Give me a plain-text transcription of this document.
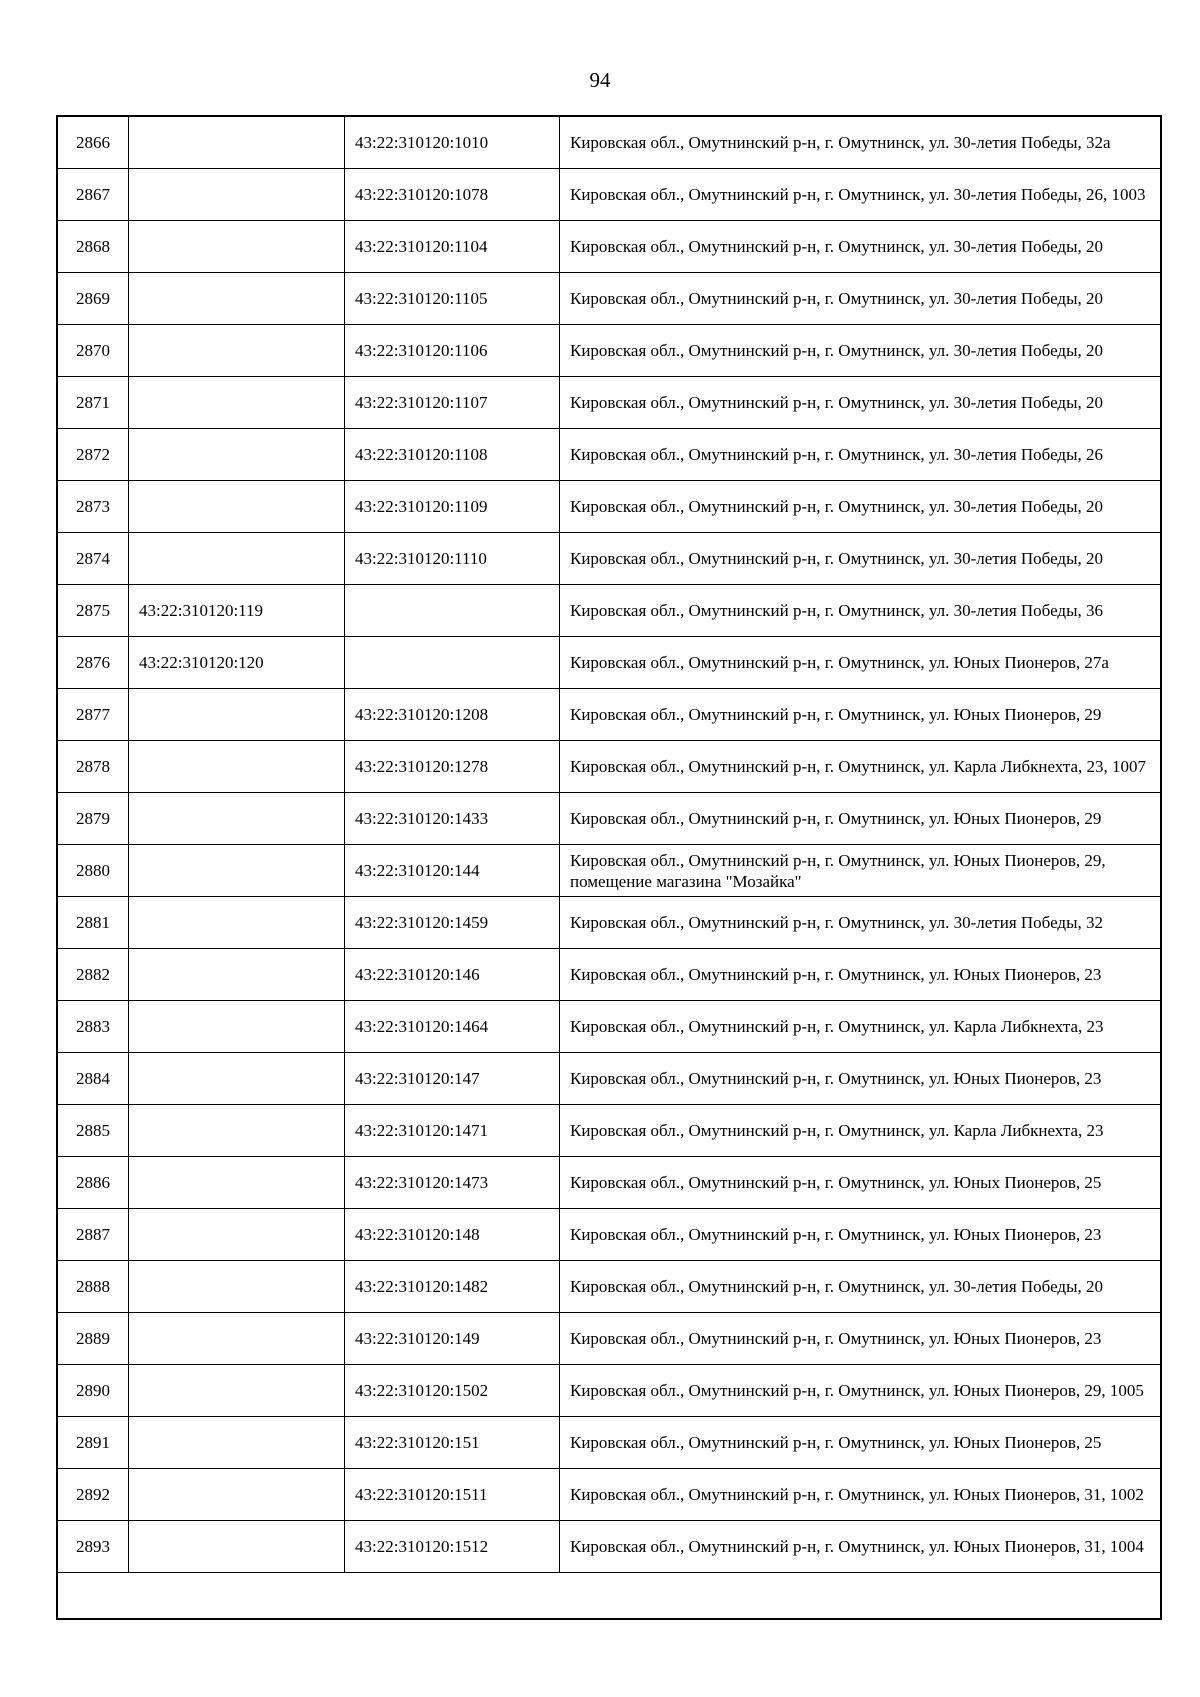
94
2866		43:22:310120:1010	Кировская обл., Омутнинский р-н, г. Омутнинск, ул. 30-летия Победы, 32а
2867		43:22:310120:1078	Кировская обл., Омутнинский р-н, г. Омутнинск, ул. 30-летия Победы, 26, 1003
2868		43:22:310120:1104	Кировская обл., Омутнинский р-н, г. Омутнинск, ул. 30-летия Победы, 20
2869		43:22:310120:1105	Кировская обл., Омутнинский р-н, г. Омутнинск, ул. 30-летия Победы, 20
2870		43:22:310120:1106	Кировская обл., Омутнинский р-н, г. Омутнинск, ул. 30-летия Победы, 20
2871		43:22:310120:1107	Кировская обл., Омутнинский р-н, г. Омутнинск, ул. 30-летия Победы, 20
2872		43:22:310120:1108	Кировская обл., Омутнинский р-н, г. Омутнинск, ул. 30-летия Победы, 26
2873		43:22:310120:1109	Кировская обл., Омутнинский р-н, г. Омутнинск, ул. 30-летия Победы, 20
2874		43:22:310120:1110	Кировская обл., Омутнинский р-н, г. Омутнинск, ул. 30-летия Победы, 20
2875	43:22:310120:119		Кировская обл., Омутнинский р-н, г. Омутнинск, ул. 30-летия Победы, 36
2876	43:22:310120:120		Кировская обл., Омутнинский р-н, г. Омутнинск, ул. Юных Пионеров, 27а
2877		43:22:310120:1208	Кировская обл., Омутнинский р-н, г. Омутнинск, ул. Юных Пионеров, 29
2878		43:22:310120:1278	Кировская обл., Омутнинский р-н, г. Омутнинск, ул. Карла Либкнехта, 23, 1007
2879		43:22:310120:1433	Кировская обл., Омутнинский р-н, г. Омутнинск, ул. Юных Пионеров, 29
2880		43:22:310120:144	Кировская обл., Омутнинский р-н, г. Омутнинск, ул. Юных Пионеров, 29, помещение магазина "Мозайка"
2881		43:22:310120:1459	Кировская обл., Омутнинский р-н, г. Омутнинск, ул. 30-летия Победы, 32
2882		43:22:310120:146	Кировская обл., Омутнинский р-н, г. Омутнинск, ул. Юных Пионеров, 23
2883		43:22:310120:1464	Кировская обл., Омутнинский р-н, г. Омутнинск, ул. Карла Либкнехта, 23
2884		43:22:310120:147	Кировская обл., Омутнинский р-н, г. Омутнинск, ул. Юных Пионеров, 23
2885		43:22:310120:1471	Кировская обл., Омутнинский р-н, г. Омутнинск, ул. Карла Либкнехта, 23
2886		43:22:310120:1473	Кировская обл., Омутнинский р-н, г. Омутнинск, ул. Юных Пионеров, 25
2887		43:22:310120:148	Кировская обл., Омутнинский р-н, г. Омутнинск, ул. Юных Пионеров, 23
2888		43:22:310120:1482	Кировская обл., Омутнинский р-н, г. Омутнинск, ул. 30-летия Победы, 20
2889		43:22:310120:149	Кировская обл., Омутнинский р-н, г. Омутнинск, ул. Юных Пионеров, 23
2890		43:22:310120:1502	Кировская обл., Омутнинский р-н, г. Омутнинск, ул. Юных Пионеров, 29, 1005
2891		43:22:310120:151	Кировская обл., Омутнинский р-н, г. Омутнинск, ул. Юных Пионеров, 25
2892		43:22:310120:1511	Кировская обл., Омутнинский р-н, г. Омутнинск, ул. Юных Пионеров, 31, 1002
2893		43:22:310120:1512	Кировская обл., Омутнинский р-н, г. Омутнинск, ул. Юных Пионеров, 31, 1004
